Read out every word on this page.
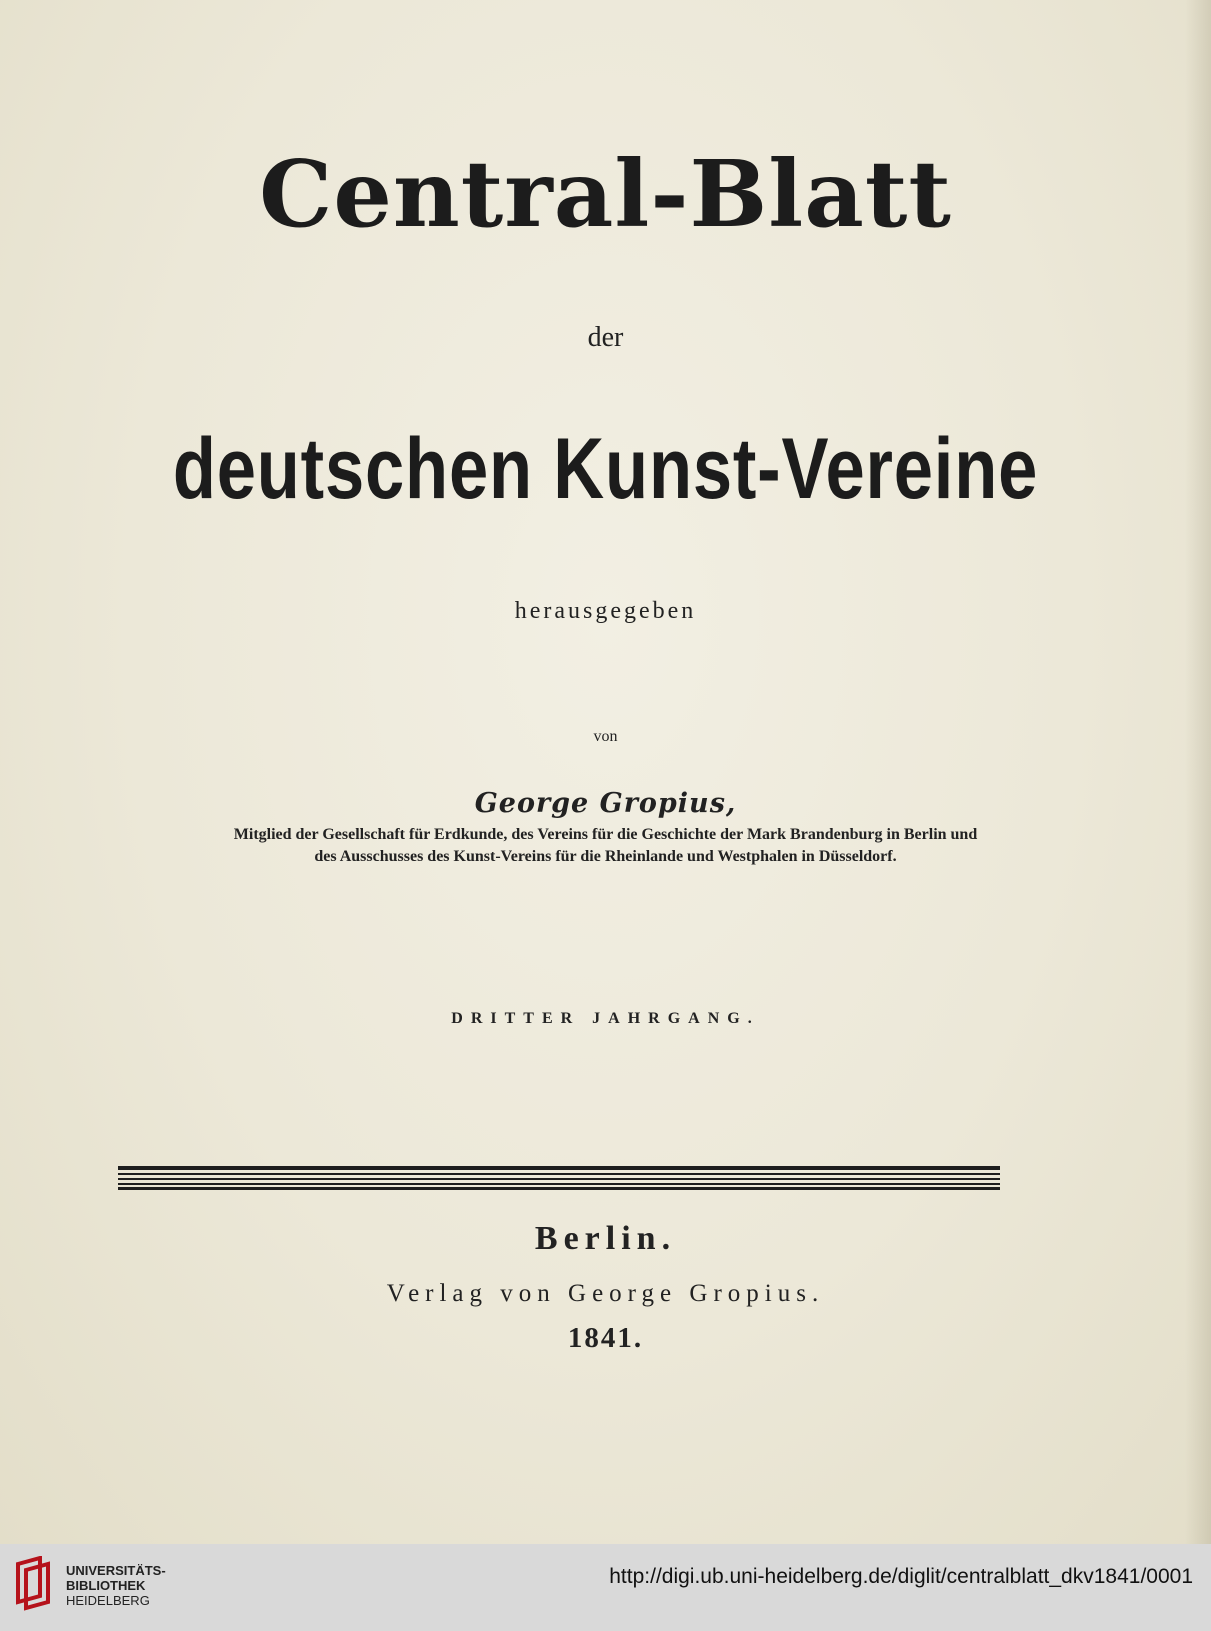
Central-Blatt
der
deutschen Kunst-Vereine
herausgegeben
von
George Gropius,
Mitglied der Gesellschaft für Erdkunde, des Vereins für die Geschichte der Mark Brandenburg in Berlin und
des Ausschusses des Kunst-Vereins für die Rheinlande und Westphalen in Düsseldorf.
DRITTER JAHRGANG.
Berlin.
Verlag von George Gropius.
1841.
UNIVERSITÄTS-
BIBLIOTHEK
HEIDELBERG
http://digi.ub.uni-heidelberg.de/diglit/centralblatt_dkv1841/0001
